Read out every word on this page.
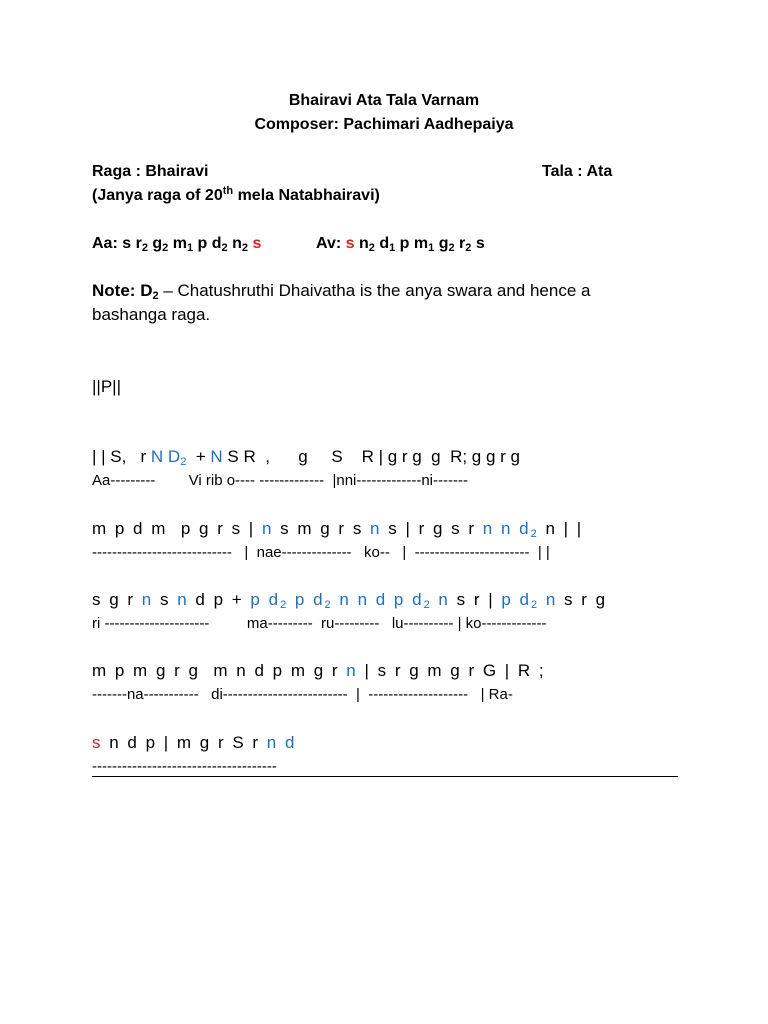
Bhairavi Ata Tala Varnam
Composer: Pachimari Aadhepaiya
Raga : Bhairavi	Tala : Ata
(Janya raga of 20th mela Natabhairavi)
Aa: s $r_2$ $g_2$ $m_1$ p $d_2$ $n_2$ s	Av: s $n_2$ $d_1$ p $m_1$ $g_2$ $r_2$ s
Note: $D_2$ – Chatushruthi Dhaivatha is the anya swara and hence a
bashanga raga.
||P||
| | S,   r N $D_2 + N$ S R  ,      g     S    R | g r g  g  R; g g r g
Aa---------        Vi rib o---- -------------  |nni-------------ni-------
m p d m  p g r s | n s m g r s n s | r g s r n n $d_2$ n | |
----------------------------   |  nae--------------   ko--   |  -----------------------  | |
s g r n s n d p + p $d_2$ p $d_2$ n n d p $d_2$ n s r | p $d_2$ n s r g
ri ---------------------         ma---------  ru---------   lu---------- | ko-------------
m p m g r g  m n d p m g r n | s r g m g r G | R ;
-------na-----------   di-------------------------  |  --------------------   | Ra-
s n d p | m g r S r n d
-------------------------------------
